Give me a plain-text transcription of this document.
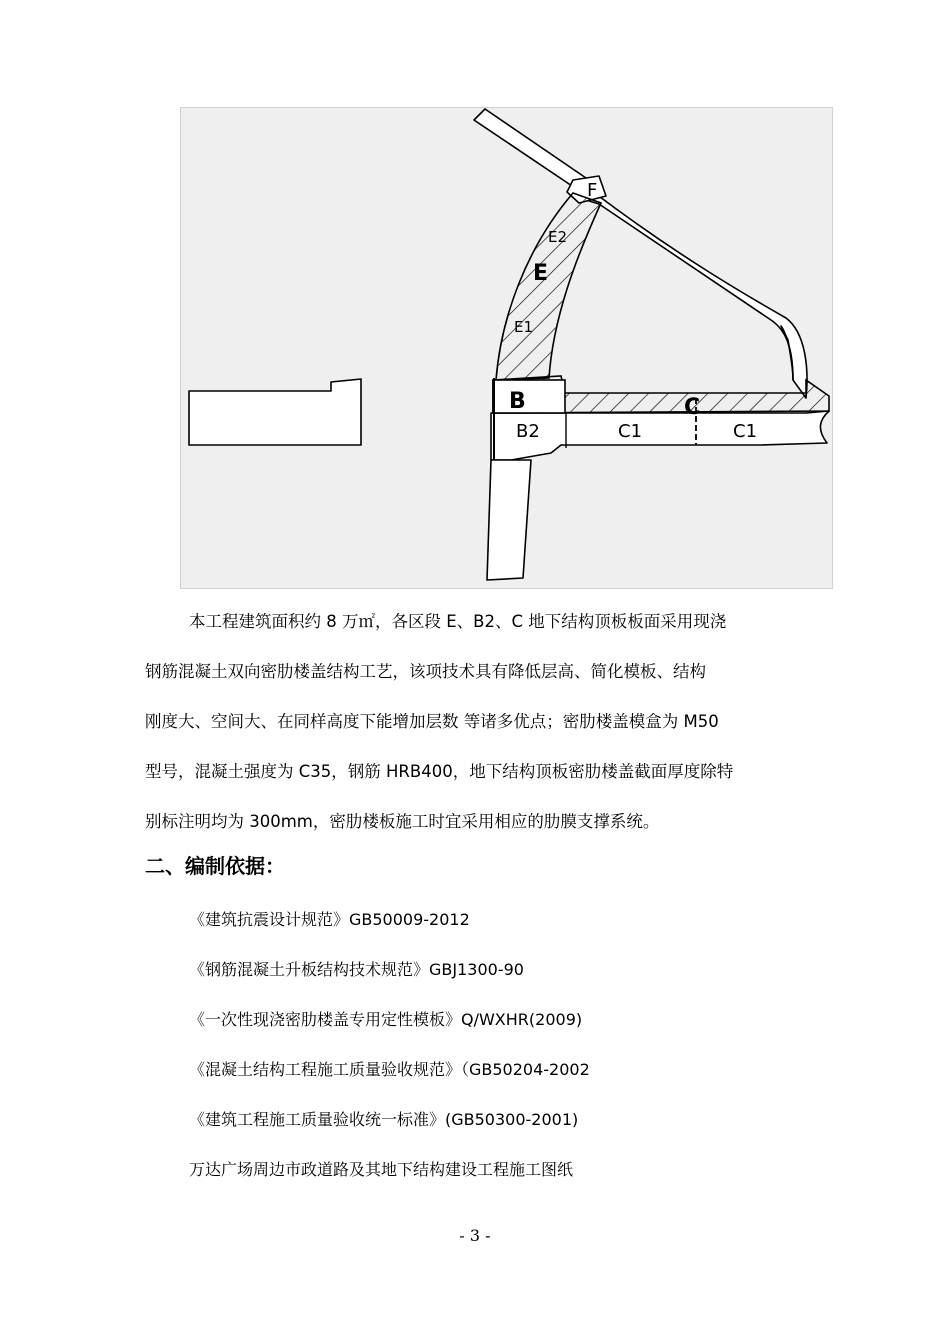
F
E2
E
E1
B
B2
C
C1	C1

本工程建筑面积约 8 万㎡，各区段 E、B2、C 地下结构顶板板面采用现浇

钢筋混凝土双向密肋楼盖结构工艺，该项技术具有降低层高、简化模板、结构

刚度大、空间大、在同样高度下能增加层数 等诸多优点；密肋楼盖模盒为 M50

型号，混凝土强度为 C35，钢筋 HRB400，地下结构顶板密肋楼盖截面厚度除特

别标注明均为 300mm，密肋楼板施工时宜采用相应的肋膜支撑系统。

二、编制依据：
《建筑抗震设计规范》GB50009-2012
《钢筋混凝土升板结构技术规范》GBJ1300-90
《一次性现浇密肋楼盖专用定性模板》Q/WXHR(2009)
《混凝土结构工程施工质量验收规范》（GB50204-2002
《建筑工程施工质量验收统一标准》(GB50300-2001)
万达广场周边市政道路及其地下结构建设工程施工图纸
- 3 -
